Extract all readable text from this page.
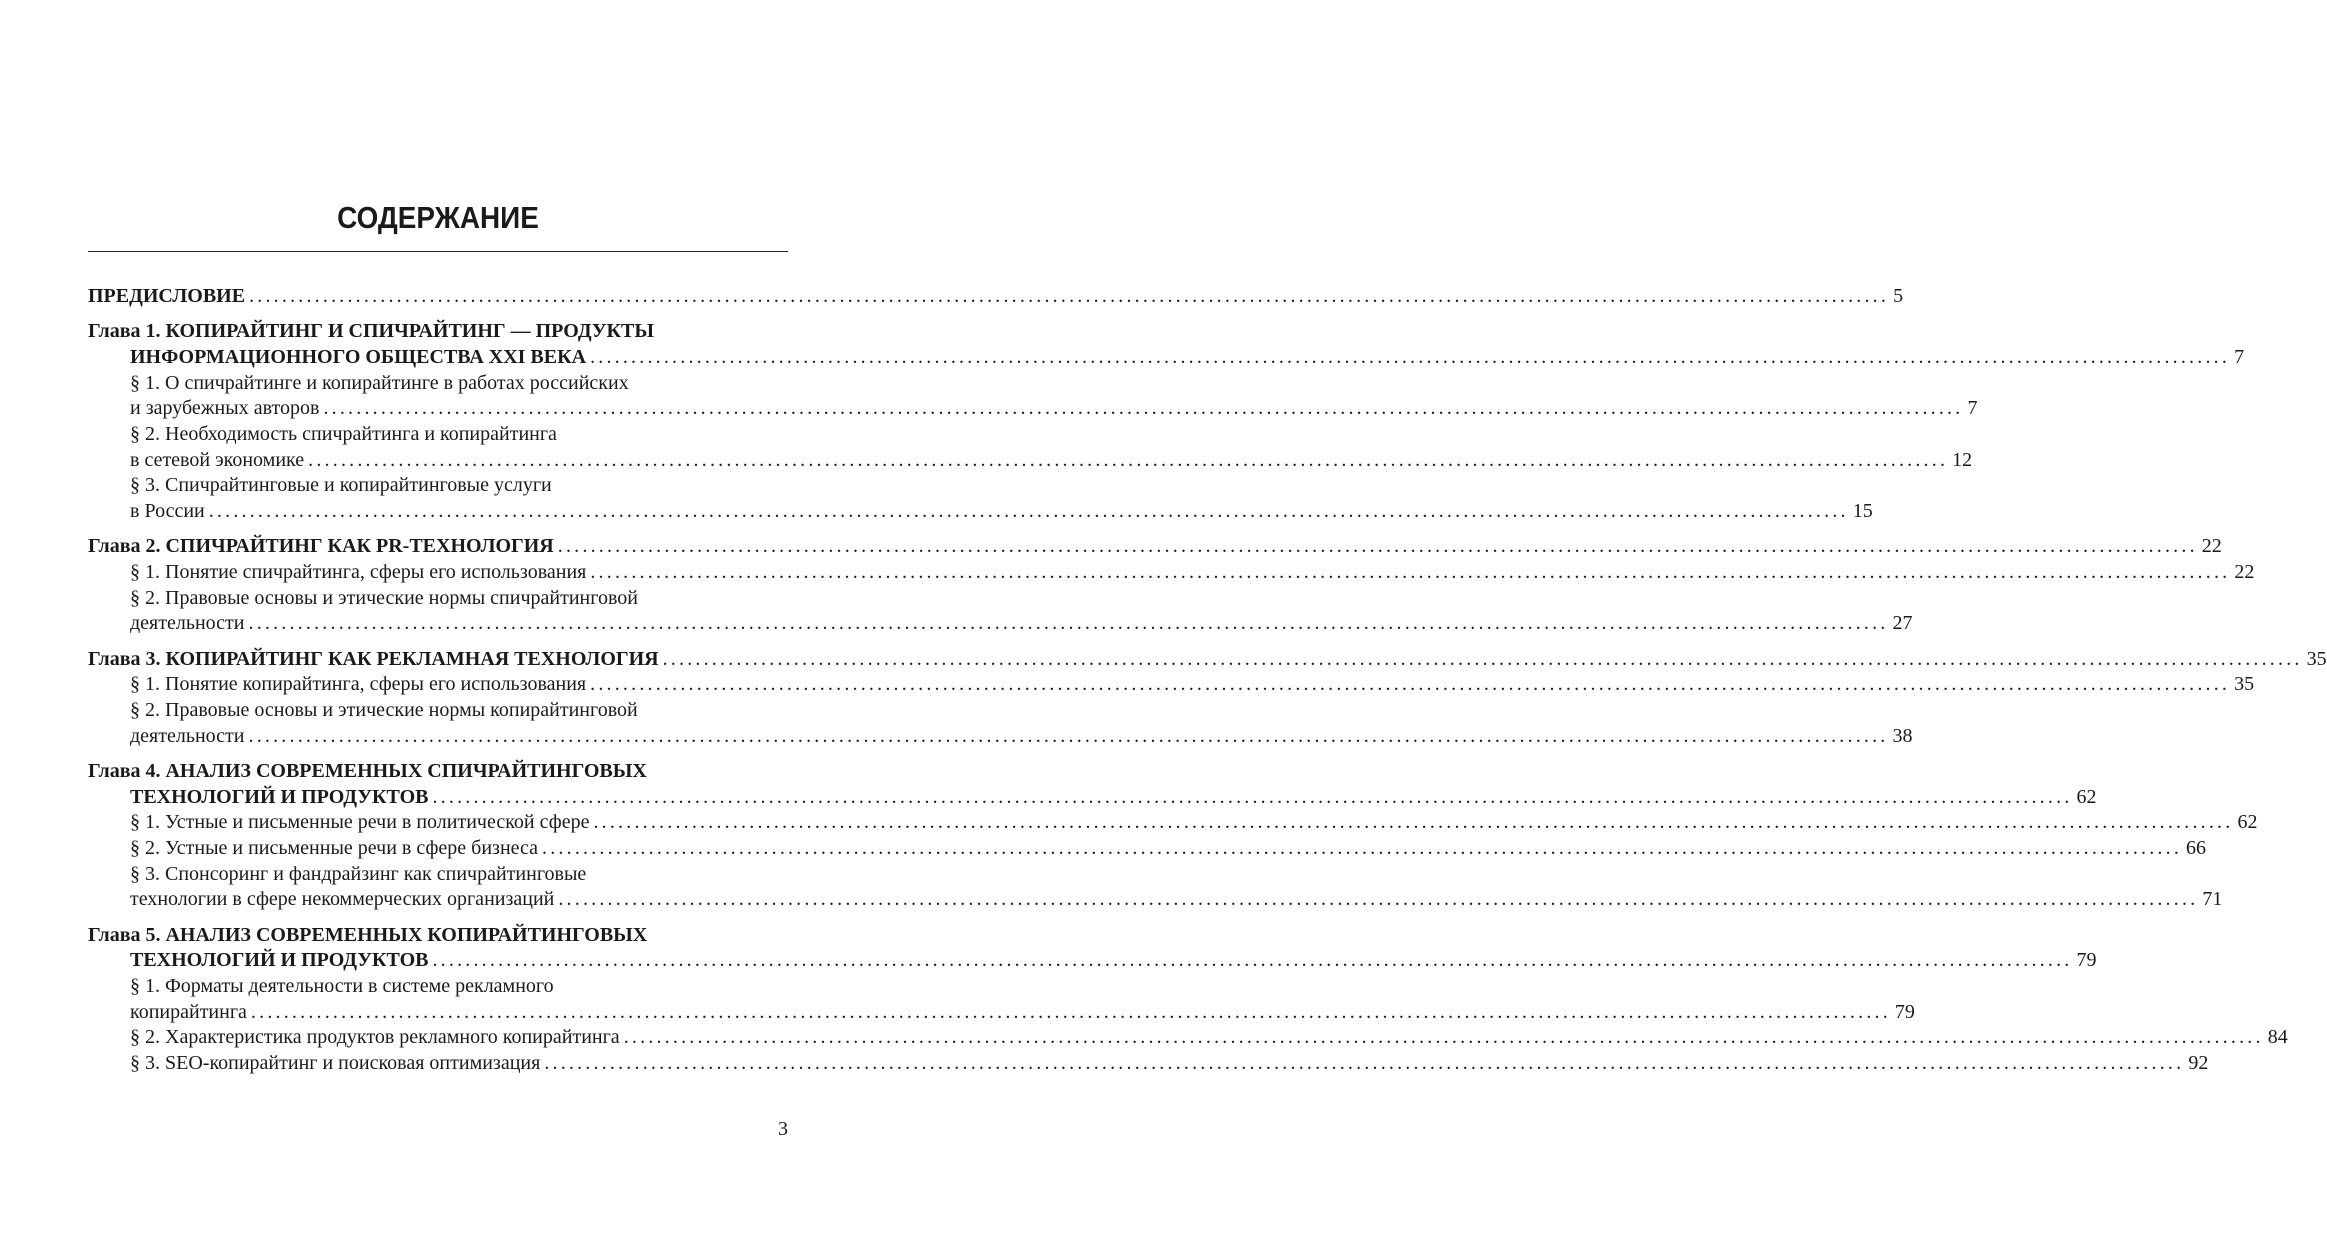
СОДЕРЖАНИЕ
ПРЕДИСЛОВИЕ ........................................................................................................................................................................................................ 5
Глава 1. КОПИРАЙТИНГ И СПИЧРАЙТИНГ — ПРОДУКТЫ
ИНФОРМАЦИОННОГО ОБЩЕСТВА XXI ВЕКА ........................................................................................................................................................................................................ 7
§ 1. О спичрайтинге и копирайтинге в работах российских
и зарубежных авторов ........................................................................................................................................................................................................ 7
§ 2. Необходимость спичрайтинга и копирайтинга
в сетевой экономике ........................................................................................................................................................................................................ 12
§ 3. Спичрайтинговые и копирайтинговые услуги
в России ........................................................................................................................................................................................................ 15
Глава 2. СПИЧРАЙТИНГ КАК PR-ТЕХНОЛОГИЯ ........................................................................................................................................................................................................ 22
§ 1. Понятие спичрайтинга, сферы его использования ........................................................................................................................................................................................................ 22
§ 2. Правовые основы и этические нормы спичрайтинговой
деятельности ........................................................................................................................................................................................................ 27
Глава 3. КОПИРАЙТИНГ КАК РЕКЛАМНАЯ ТЕХНОЛОГИЯ ........................................................................................................................................................................................................ 35
§ 1. Понятие копирайтинга, сферы его использования ........................................................................................................................................................................................................ 35
§ 2. Правовые основы и этические нормы копирайтинговой
деятельности ........................................................................................................................................................................................................ 38
Глава 4. АНАЛИЗ СОВРЕМЕННЫХ СПИЧРАЙТИНГОВЫХ
ТЕХНОЛОГИЙ И ПРОДУКТОВ ........................................................................................................................................................................................................ 62
§ 1. Устные и письменные речи в политической сфере ........................................................................................................................................................................................................ 62
§ 2. Устные и письменные речи в сфере бизнеса ........................................................................................................................................................................................................ 66
§ 3. Спонсоринг и фандрайзинг как спичрайтинговые
технологии в сфере некоммерческих организаций ........................................................................................................................................................................................................ 71
Глава 5. АНАЛИЗ СОВРЕМЕННЫХ КОПИРАЙТИНГОВЫХ
ТЕХНОЛОГИЙ И ПРОДУКТОВ ........................................................................................................................................................................................................ 79
§ 1. Форматы деятельности в системе рекламного
копирайтинга ........................................................................................................................................................................................................ 79
§ 2. Характеристика продуктов рекламного копирайтинга ........................................................................................................................................................................................................ 84
§ 3. SEO-копирайтинг и поисковая оптимизация ........................................................................................................................................................................................................ 92
3
